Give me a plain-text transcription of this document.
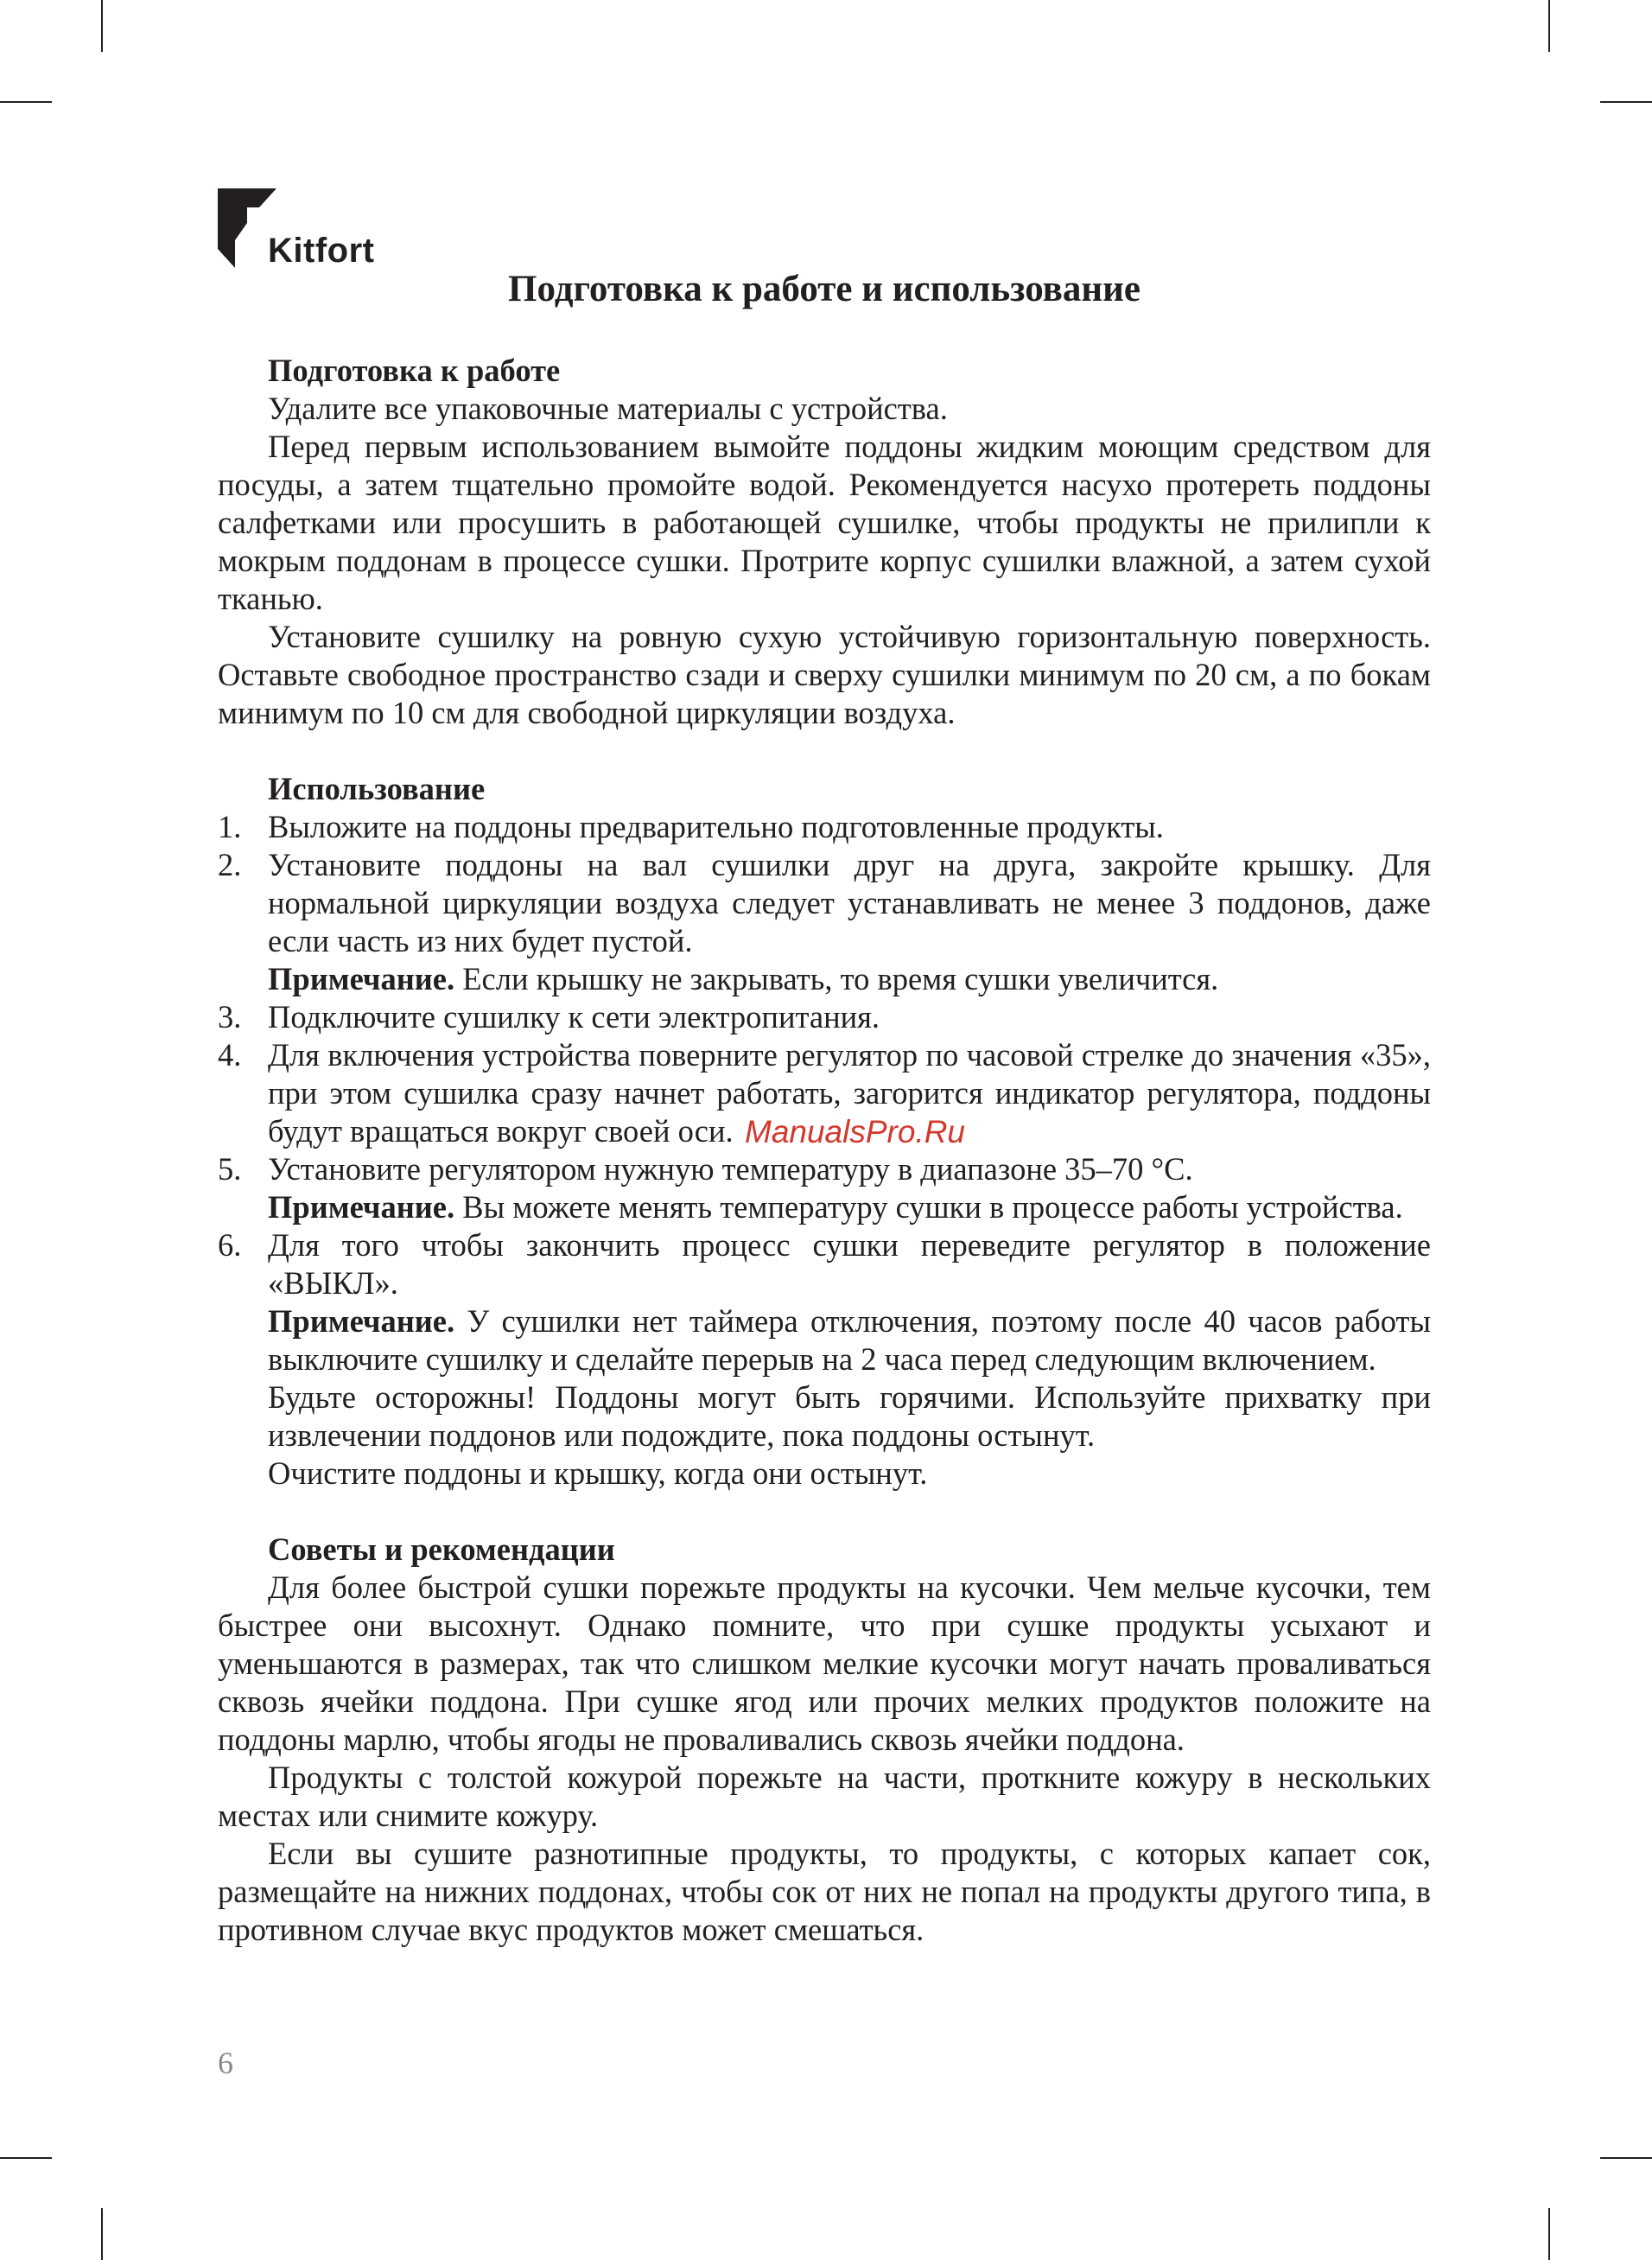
Kitfort
Подготовка к работе и использование
Подготовка к работе

Удалите все упаковочные материалы с устройства.

Перед первым использованием вымойте поддоны жидким моющим средством для посуды, а затем тщательно промойте водой. Рекомендуется насухо протереть поддоны салфетками или просушить в работающей сушилке, чтобы продукты не прилипли к мокрым поддонам в процессе сушки. Протрите корпус сушилки влажной, а затем сухой тканью.

Установите сушилку на ровную сухую устойчивую горизонтальную поверхность. Оставьте свободное пространство сзади и сверху сушилки минимум по 20 см, а по бокам минимум по 10 см для свободной циркуляции воздуха.

Использование
1. Выложите на поддоны предварительно подготовленные продукты.
2. Установите поддоны на вал сушилки друг на друга, закройте крышку. Для нормальной циркуляции воздуха следует устанавливать не менее 3 поддонов, даже если часть из них будет пустой.
Примечание. Если крышку не закрывать, то время сушки увеличится.
3. Подключите сушилку к сети электропитания.
4. Для включения устройства поверните регулятор по часовой стрелке до значения «35», при этом сушилка сразу начнет работать, загорится индикатор регулятора, поддоны будут вращаться вокруг своей оси.
5. Установите регулятором нужную температуру в диапазоне 35–70 °C.
Примечание. Вы можете менять температуру сушки в процессе работы устройства.
6. Для того чтобы закончить процесс сушки переведите регулятор в положение «ВЫКЛ».
Примечание. У сушилки нет таймера отключения, поэтому после 40 часов работы выключите сушилку и сделайте перерыв на 2 часа перед следующим включением.
Будьте осторожны! Поддоны могут быть горячими. Используйте прихватку при извлечении поддонов или подождите, пока поддоны остынут.
Очистите поддоны и крышку, когда они остынут.
Советы и рекомендации

Для более быстрой сушки порежьте продукты на кусочки. Чем мельче кусочки, тем быстрее они высохнут. Однако помните, что при сушке продукты усыхают и уменьшаются в размерах, так что слишком мелкие кусочки могут начать проваливаться сквозь ячейки поддона. При сушке ягод или прочих мелких продуктов положите на поддоны марлю, чтобы ягоды не проваливались сквозь ячейки поддона.

Продукты с толстой кожурой порежьте на части, проткните кожуру в нескольких местах или снимите кожуру.

Если вы сушите разнотипные продукты, то продукты, с которых капает сок, размещайте на нижних поддонах, чтобы сок от них не попал на продукты другого типа, в противном случае вкус продуктов может смешаться.

ManualsPro.Ru
6
